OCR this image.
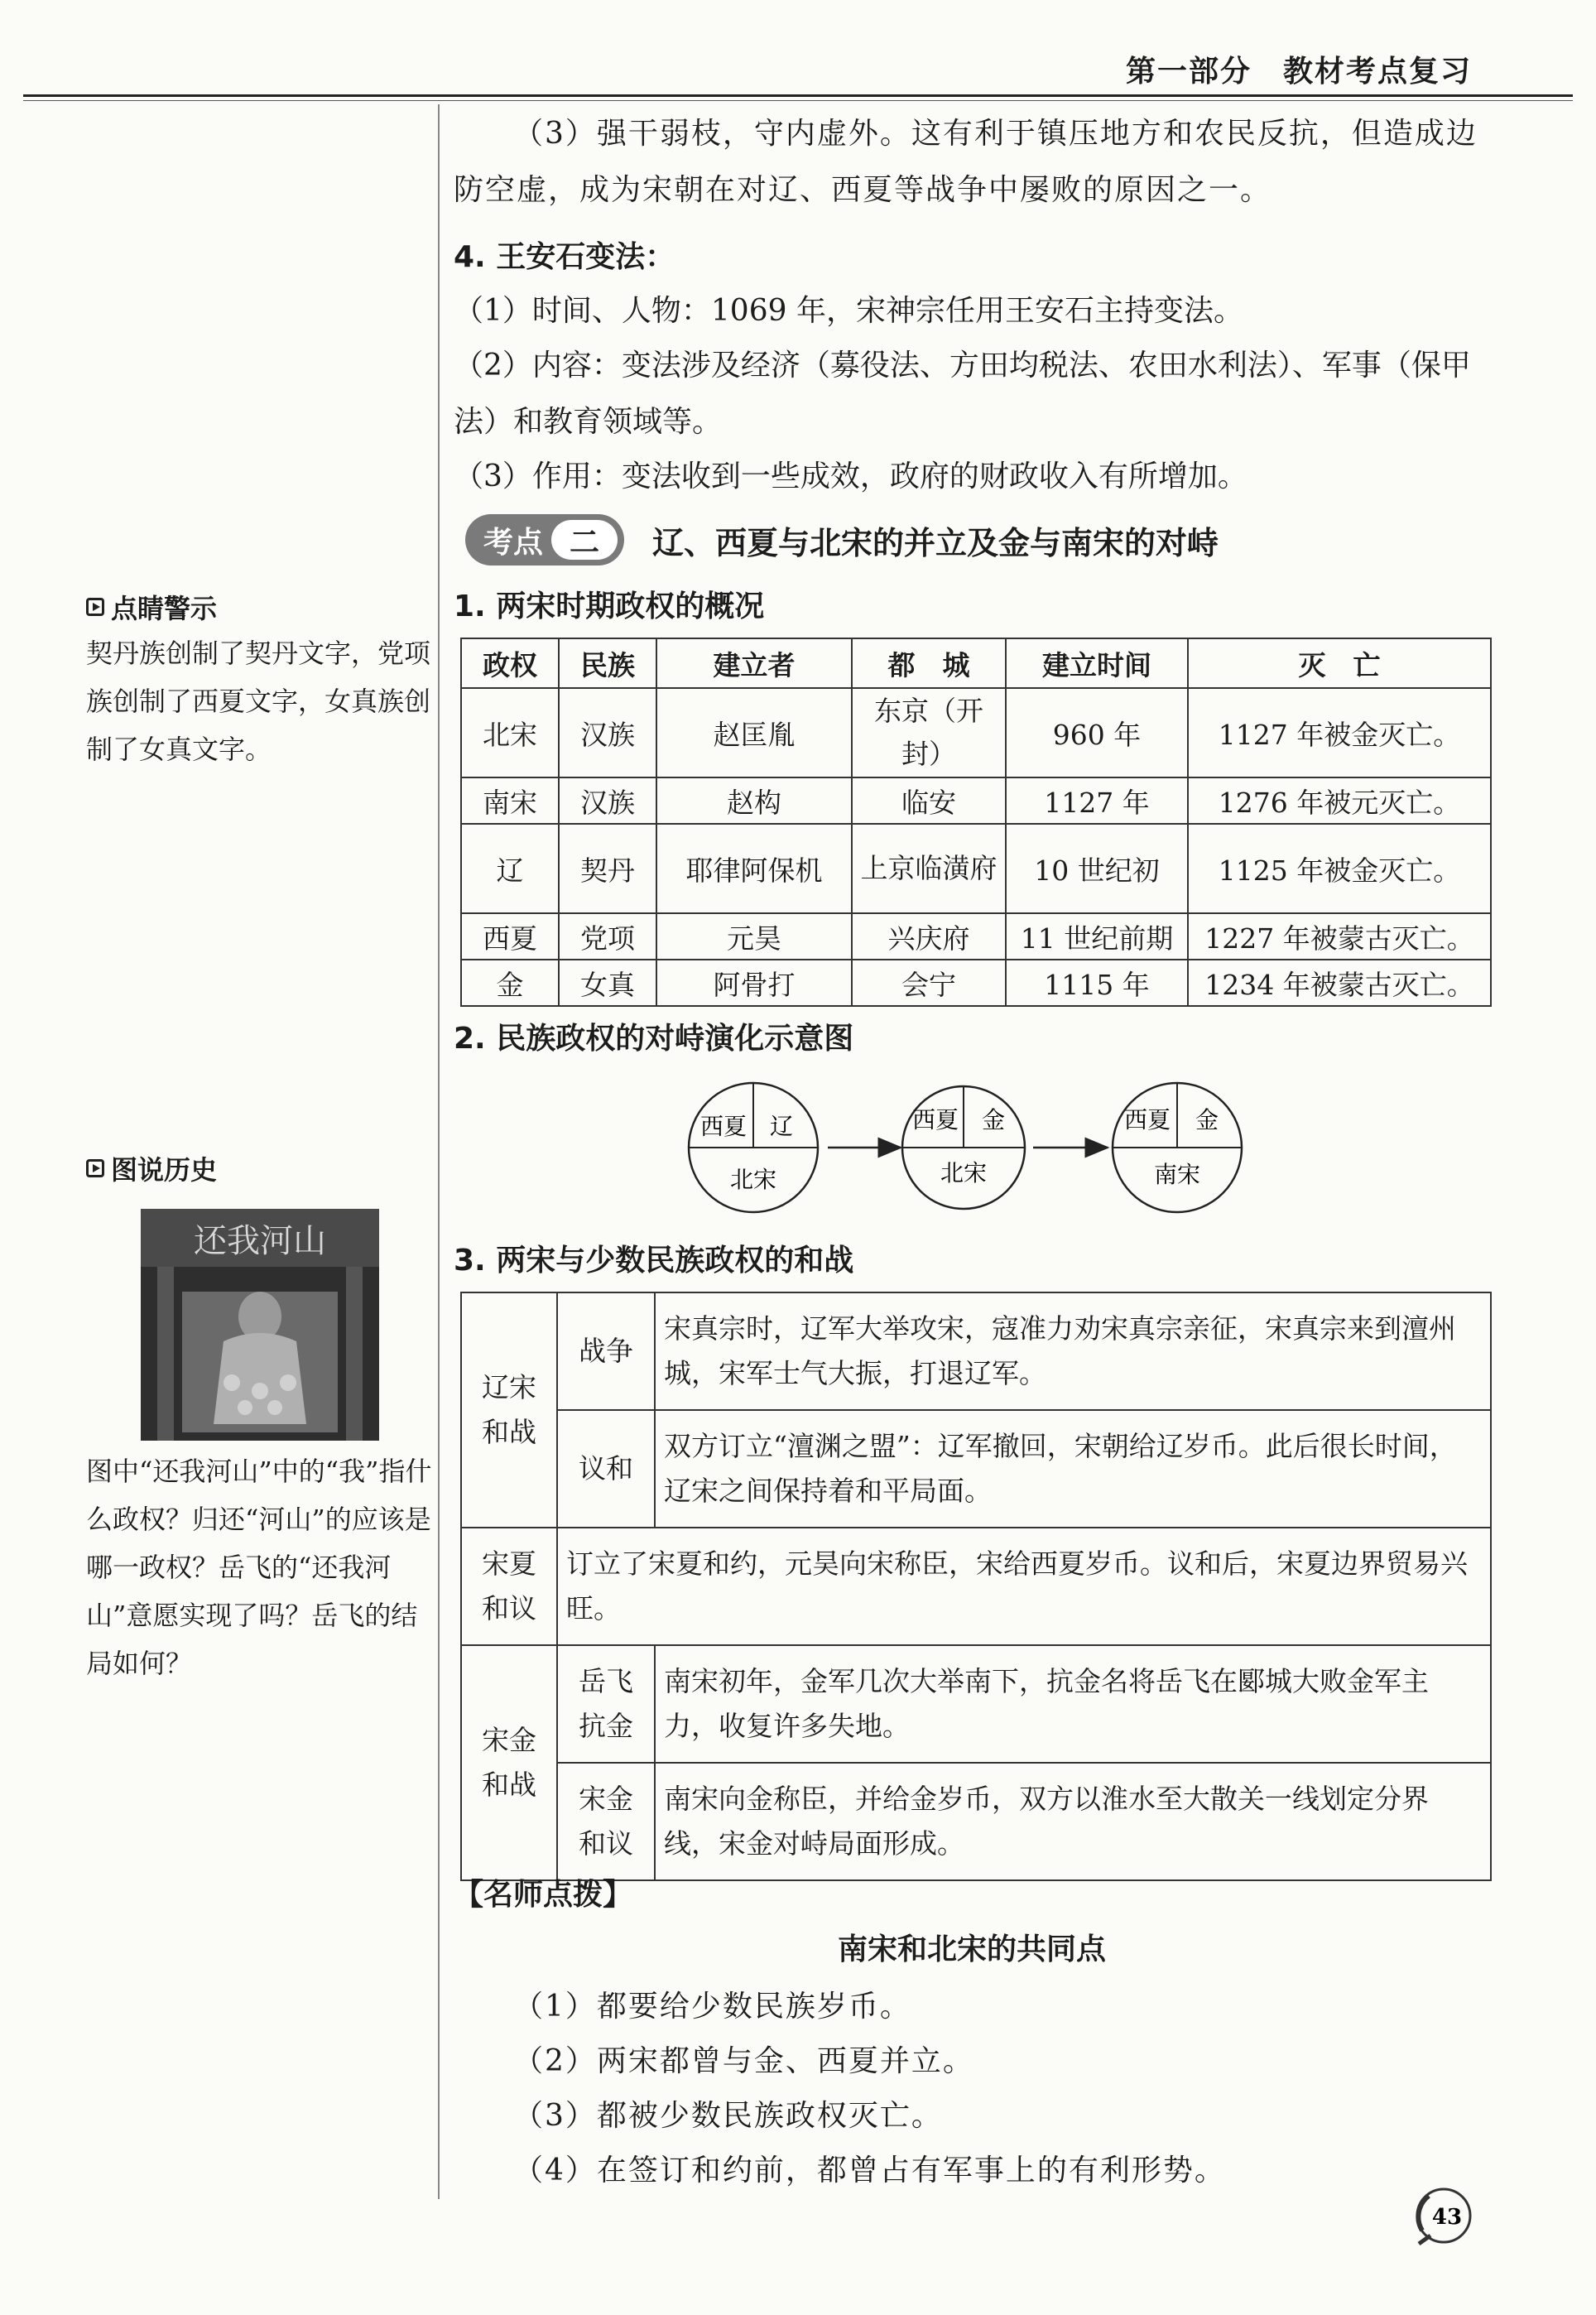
第一部分　教材考点复习
（3）强干弱枝，守内虚外。这有利于镇压地方和农民反抗，但造成边防空虚，成为宋朝在对辽、西夏等战争中屡败的原因之一。
4. 王安石变法：
（1）时间、人物：1069 年，宋神宗任用王安石主持变法。
（2）内容：变法涉及经济（募役法、方田均税法、农田水利法）、军事（保甲法）和教育领域等。
（3）作用：变法收到一些成效，政府的财政收入有所增加。
考点 二	辽、西夏与北宋的并立及金与南宋的对峙
1. 两宋时期政权的概况
政权	民族	建立者	都　城	建立时间	灭　亡
北宋	汉族	赵匡胤	东京（开封）	960 年	1127 年被金灭亡。
南宋	汉族	赵构	临安	1127 年	1276 年被元灭亡。
辽	契丹	耶律阿保机	上京临潢府	10 世纪初	1125 年被金灭亡。
西夏	党项	元昊	兴庆府	11 世纪前期	1227 年被蒙古灭亡。
金	女真	阿骨打	会宁	1115 年	1234 年被蒙古灭亡。
2. 民族政权的对峙演化示意图
西夏 辽
北宋
西夏 金
北宋
西夏 金
南宋
3. 两宋与少数民族政权的和战
辽宋和战	战争	宋真宗时，辽军大举攻宋，寇准力劝宋真宗亲征，宋真宗来到澶州城，宋军士气大振，打退辽军。
	议和	双方订立“澶渊之盟”：辽军撤回，宋朝给辽岁币。此后很长时间，辽宋之间保持着和平局面。

宋夏和议	订立了宋夏和约，元昊向宋称臣，宋给西夏岁币。议和后，宋夏边界贸易兴旺。	

宋金和战	岳飞抗金	南宋初年，金军几次大举南下，抗金名将岳飞在郾城大败金军主力，收复许多失地。

	宋金和议	南宋向金称臣，并给金岁币，双方以淮水至大散关一线划定分界线，宋金对峙局面形成。
【名师点拨】
南宋和北宋的共同点
（1）都要给少数民族岁币。
（2）两宋都曾与金、西夏并立。
（3）都被少数民族政权灭亡。
（4）在签订和约前，都曾占有军事上的有利形势。
点睛警示
契丹族创制了契丹文字，党项族创制了西夏文字，女真族创制了女真文字。
图说历史
还我河山
图中“还我河山”中的“我”指什么政权？归还“河山”的应该是哪一政权？岳飞的“还我河山”意愿实现了吗？岳飞的结局如何？
43
